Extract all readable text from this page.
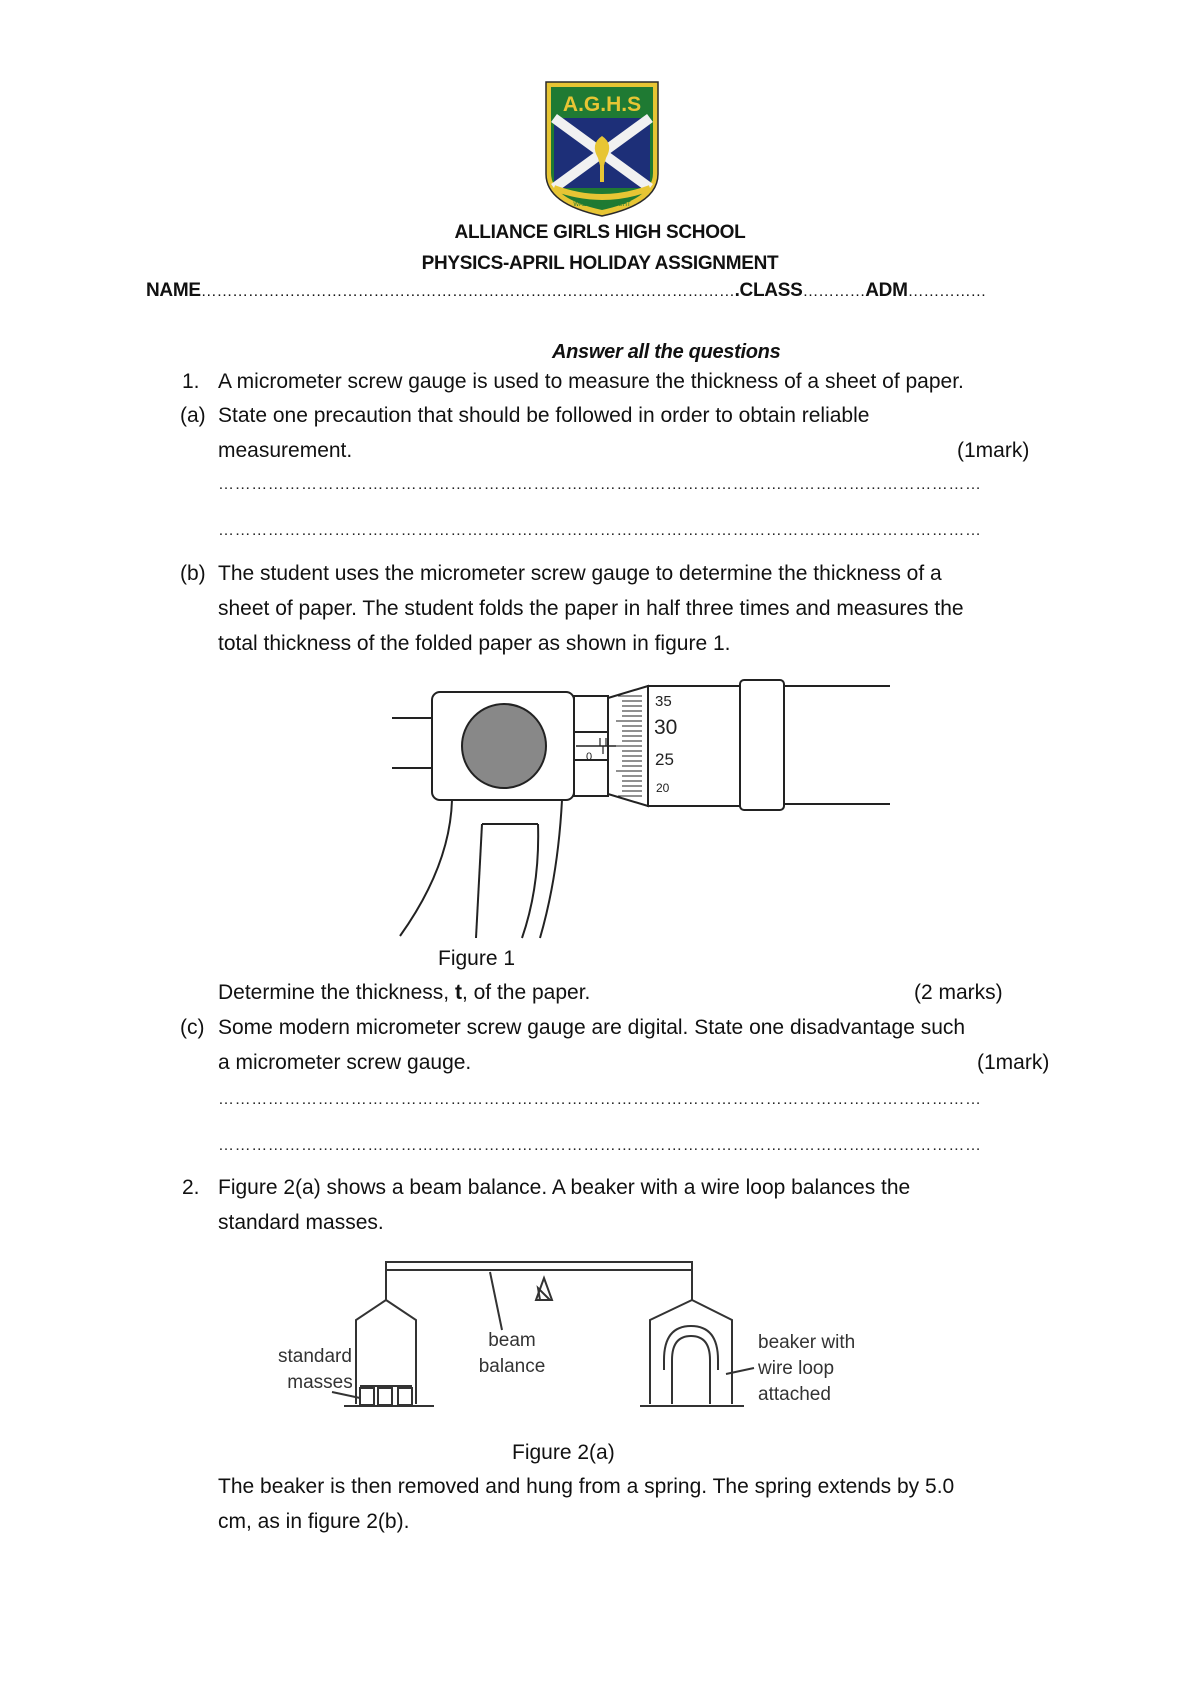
A.G.H.S
WALK IN THE LIGHT
ALLIANCE GIRLS HIGH SCHOOL
PHYSICS-APRIL HOLIDAY ASSIGNMENT
NAME………………………………………………………………………………………….CLASS…………ADM……………
Answer all the questions
1. A micrometer screw gauge is used to measure the thickness of a sheet of paper.
(a) State one precaution that should be followed in order to obtain reliable
measurement.	(1mark)
…………………………………………………………………………………………………………………………
…………………………………………………………………………………………………………………………
(b) The student uses the micrometer screw gauge to determine the thickness of a
sheet of paper. The student folds the paper in half three times and measures the
total thickness of the folded paper as shown in figure 1.
0
35
30
25
20
Figure 1
Determine the thickness, t, of the paper.	(2 marks)
(c) Some modern micrometer screw gauge are digital. State one disadvantage such
a micrometer screw gauge.	(1mark)
…………………………………………………………………………………………………………………………
…………………………………………………………………………………………………………………………
2. Figure 2(a) shows a beam balance. A beaker with a wire loop balances the
standard masses.
standard
masses
beam
balance
beaker with
wire loop
attached
Figure 2(a)
The beaker is then removed and hung from a spring. The spring extends by 5.0
cm, as in figure 2(b).
